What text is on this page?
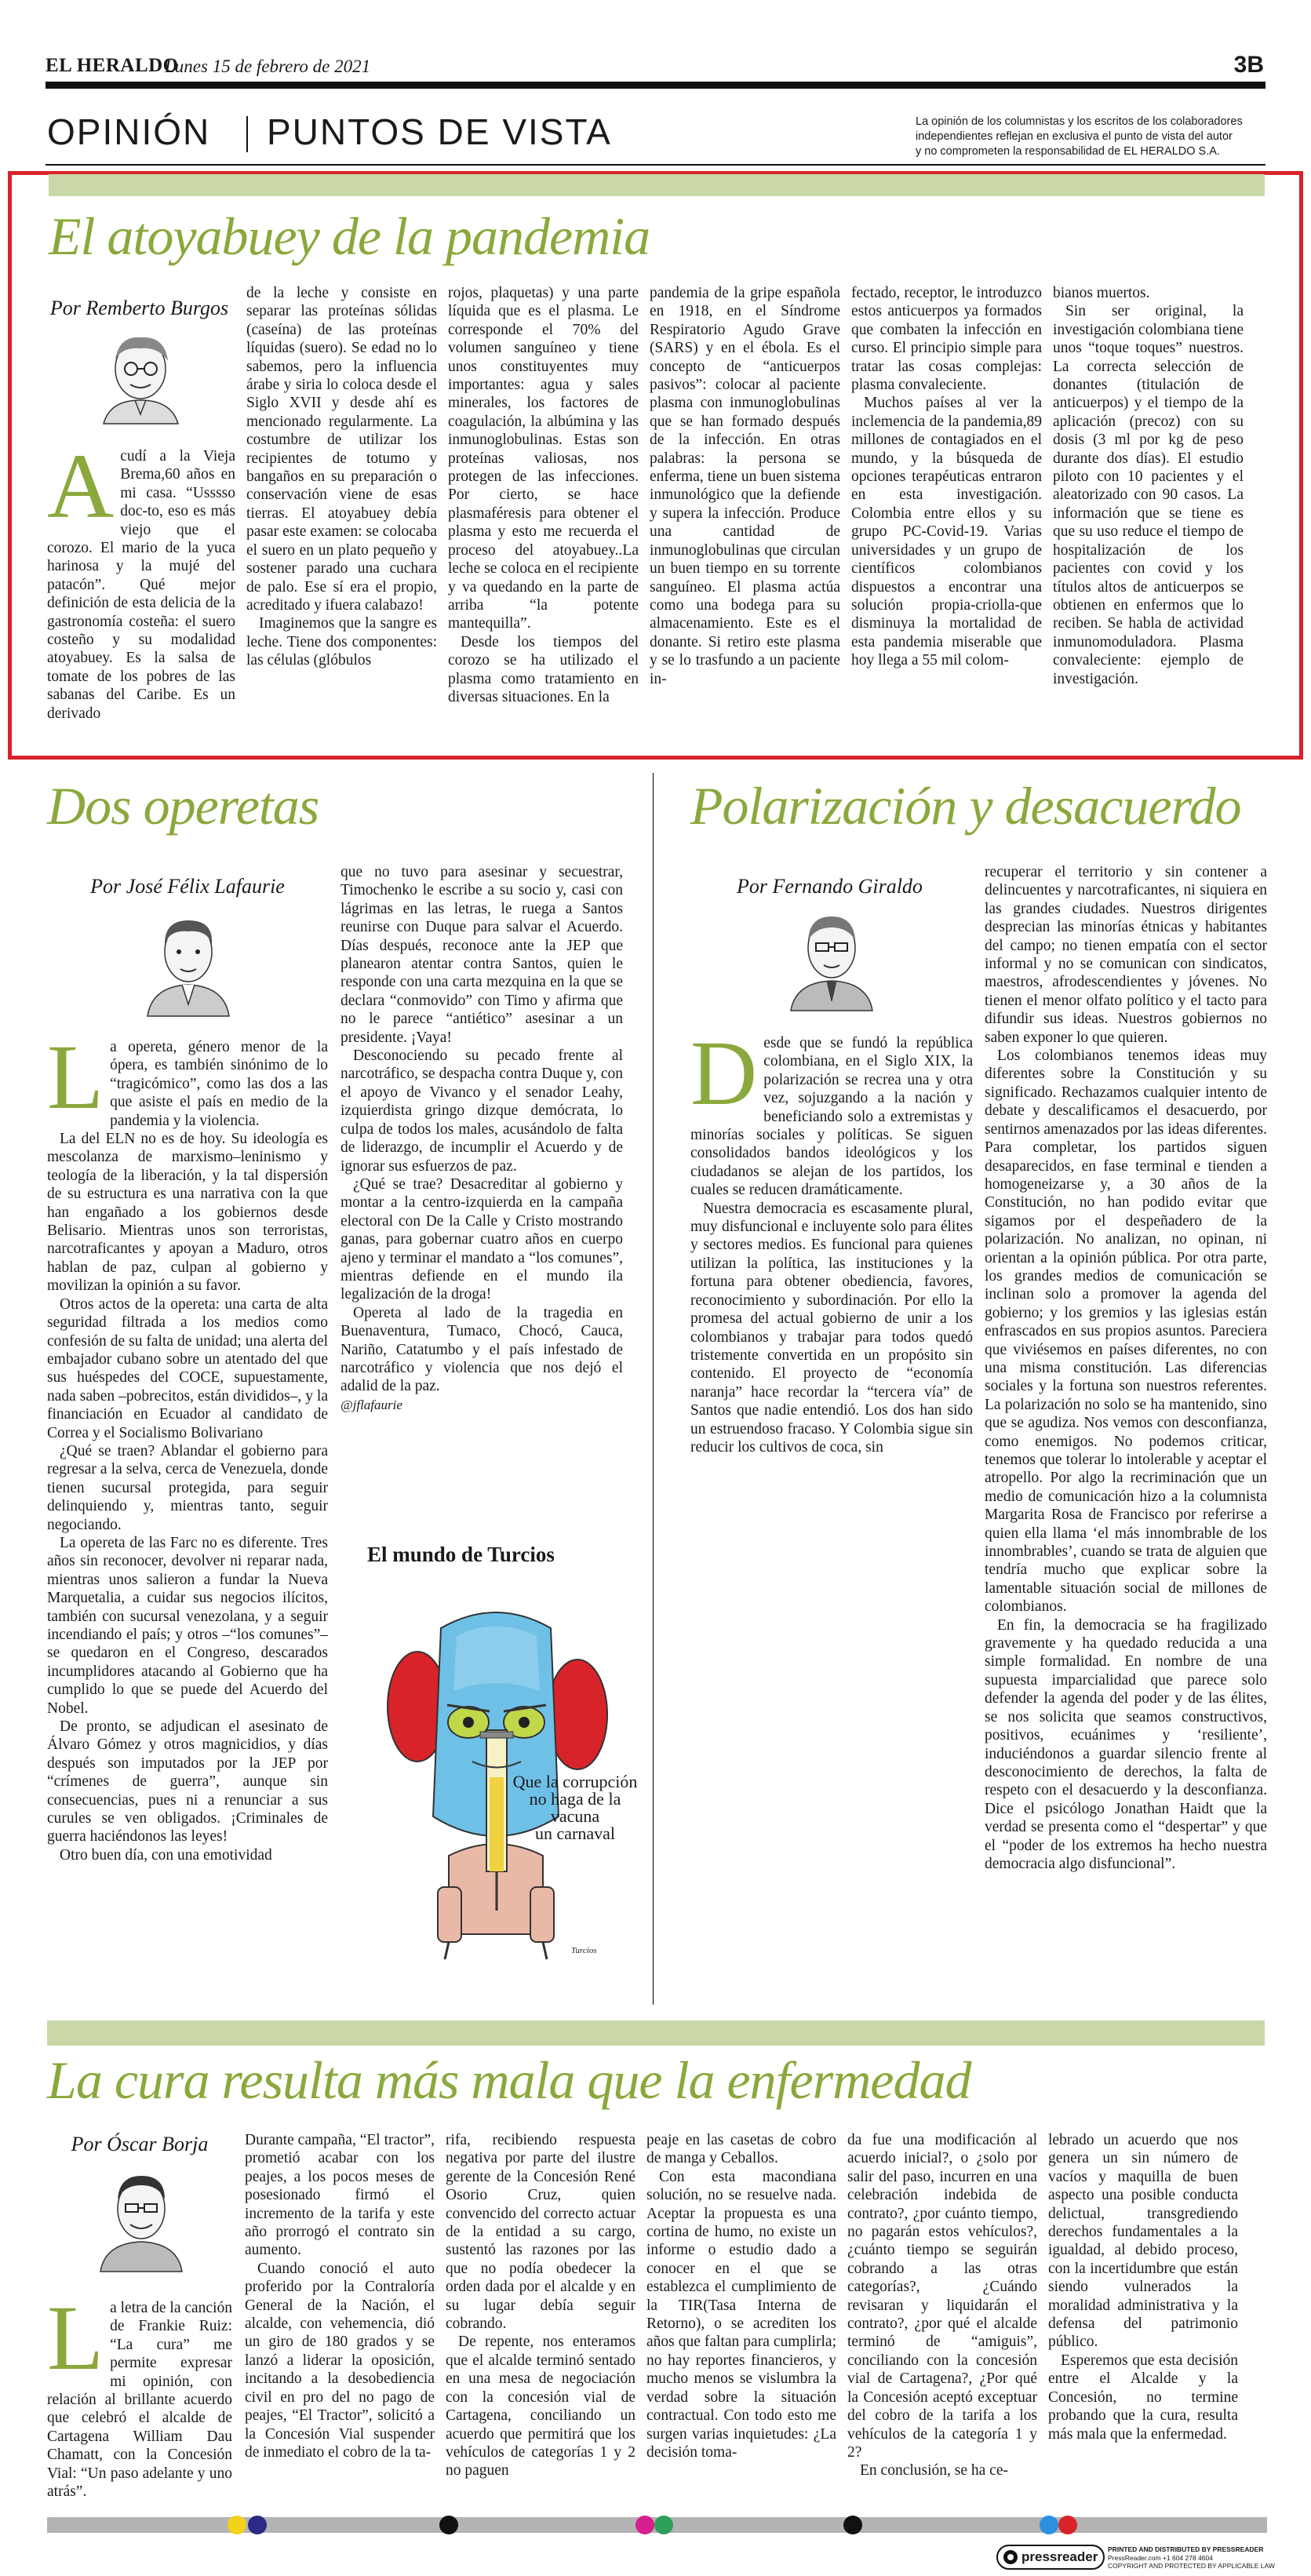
EL HERALDO
Lunes 15 de febrero de 2021	3B
OPINIÓN PUNTOS DE VISTA	La opinión de los columnistas y los escritos de los colaboradores
independientes reflejan en exclusiva el punto de vista del autor
y no comprometen la responsabilidad de EL HERALDO S.A.
El atoyabuey de la pandemia
Por Remberto Burgos
A cudí a la Vieja Brema,60 años en mi casa. “Usssso doc-to, eso es más viejo que el corozo. El mario de la yuca harinosa y la mujé del patacón”. Qué mejor definición de esta delicia de la gastronomía costeña: el suero costeño y su modalidad atoyabuey. Es la salsa de tomate de los pobres de las sabanas del Caribe. Es un derivado

de la leche y consiste en separar las proteínas sólidas (caseína) de las proteínas líquidas (suero). Se edad no lo sabemos, pero la influencia árabe y siria lo coloca desde el Siglo XVII y desde ahí es mencionado regularmente. La costumbre de utilizar los recipientes de totumo y bangaños en su preparación o conservación viene de esas tierras. El atoyabuey debía pasar este examen: se colocaba el suero en un plato pequeño y sostener parado una cuchara de palo. Ese sí era el propio, acreditado y ifuera calabazo!

Imaginemos que la sangre es leche. Tiene dos componentes: las células (glóbulos

rojos, plaquetas) y una parte líquida que es el plasma. Le corresponde el 70% del volumen sanguíneo y tiene unos constituyentes muy importantes: agua y sales minerales, los factores de coagulación, la albúmina y las inmunoglobulinas. Estas son proteínas valiosas, nos protegen de las infecciones. Por cierto, se hace plasmaféresis para obtener el plasma y esto me recuerda el proceso del atoyabuey..La leche se coloca en el recipiente y va quedando en la parte de arriba “la potente mantequilla”.

Desde los tiempos del corozo se ha utilizado el plasma como tratamiento en diversas situaciones. En la

pandemia de la gripe española en 1918, en el Síndrome Respiratorio Agudo Grave (SARS) y en el ébola. Es el concepto de “anticuerpos pasivos”: colocar al paciente plasma con inmunoglobulinas que se han formado después de la infección. En otras palabras: la persona se enferma, tiene un buen sistema inmunológico que la defiende y supera la infección. Produce una cantidad de inmunoglobulinas que circulan un buen tiempo en su torrente sanguíneo. El plasma actúa como una bodega para su almacenamiento. Este es el donante. Si retiro este plasma y se lo trasfundo a un paciente in-

fectado, receptor, le introduzco estos anticuerpos ya formados que combaten la infección en curso. El principio simple para tratar las cosas complejas: plasma convaleciente.

Muchos países al ver la inclemencia de la pandemia,89 millones de contagiados en el mundo, y la búsqueda de opciones terapéuticas entraron en esta investigación. Colombia entre ellos y su grupo PC-Covid-19. Varias universidades y un grupo de científicos colombianos dispuestos a encontrar una solución propia-criolla-que disminuya la mortalidad de esta pandemia miserable que hoy llega a 55 mil colom-

bianos muertos.

Sin ser original, la investigación colombiana tiene unos “toque toques” nuestros. La correcta selección de donantes (titulación de anticuerpos) y el tiempo de la aplicación (precoz) con su dosis (3 ml por kg de peso durante dos días). El estudio piloto con 10 pacientes y el aleatorizado con 90 casos. La información que se tiene es que su uso reduce el tiempo de hospitalización de los pacientes con covid y los títulos altos de anticuerpos se obtienen en enfermos que lo reciben. Se habla de actividad inmunomoduladora. Plasma convaleciente: ejemplo de investigación.

Dos operetas
Por José Félix Lafaurie
L a opereta, género menor de la ópera, es también sinónimo de lo “tragicómico”, como las dos a las que asiste el país en medio de la pandemia y la violencia.

La del ELN no es de hoy. Su ideología es mescolanza de marxismo–leninismo y teología de la liberación, y la tal dispersión de su estructura es una narrativa con la que han engañado a los gobiernos desde Belisario. Mientras unos son terroristas, narcotraficantes y apoyan a Maduro, otros hablan de paz, culpan al gobierno y movilizan la opinión a su favor.

Otros actos de la opereta: una carta de alta seguridad filtrada a los medios como confesión de su falta de unidad; una alerta del embajador cubano sobre un atentado del que sus huéspedes del COCE, supuestamente, nada saben –pobrecitos, están divididos–, y la financiación en Ecuador al candidato de Correa y el Socialismo Bolivariano

¿Qué se traen? Ablandar el gobierno para regresar a la selva, cerca de Venezuela, donde tienen sucursal protegida, para seguir delinquiendo y, mientras tanto, seguir negociando.

La opereta de las Farc no es diferente. Tres años sin reconocer, devolver ni reparar nada, mientras unos salieron a fundar la Nueva Marquetalia, a cuidar sus negocios ilícitos, también con sucursal venezolana, y a seguir incendiando el país; y otros –“los comunes”– se quedaron en el Congreso, descarados incumplidores atacando al Gobierno que ha cumplido lo que se puede del Acuerdo del Nobel.

De pronto, se adjudican el asesinato de Álvaro Gómez y otros magnicidios, y días después son imputados por la JEP por “crímenes de guerra”, aunque sin consecuencias, pues ni a renunciar a sus curules se ven obligados. ¡Criminales de guerra haciéndonos las leyes!

Otro buen día, con una emotividad

que no tuvo para asesinar y secuestrar, Timochenko le escribe a su socio y, casi con lágrimas en las letras, le ruega a Santos reunirse con Duque para salvar el Acuerdo. Días después, reconoce ante la JEP que planearon atentar contra Santos, quien le responde con una carta mezquina en la que se declara “conmovido” con Timo y afirma que no le parece “antiético” asesinar a un presidente. ¡Vaya!

Desconociendo su pecado frente al narcotráfico, se despacha contra Duque y, con el apoyo de Vivanco y el senador Leahy, izquierdista gringo dizque demócrata, lo culpa de todos los males, acusándolo de falta de liderazgo, de incumplir el Acuerdo y de ignorar sus esfuerzos de paz.

¿Qué se trae? Desacreditar al gobierno y montar a la centro-izquierda en la campaña electoral con De la Calle y Cristo mostrando ganas, para gobernar cuatro años en cuerpo ajeno y terminar el mandato a “los comunes”, mientras defiende en el mundo ila legalización de la droga!

Opereta al lado de la tragedia en Buenaventura, Tumaco, Chocó, Cauca, Nariño, Catatumbo y el país infestado de narcotráfico y violencia que nos dejó el adalid de la paz.

@jflafaurie

El mundo de Turcios
Que la corrupción
no haga de la vacuna
un carnaval
Turcios
Polarización y desacuerdo
Por Fernando Giraldo
D esde que se fundó la república colombiana, en el Siglo XIX, la polarización se recrea una y otra vez, sojuzgando a la nación y beneficiando solo a extremistas y minorías sociales y políticas. Se siguen consolidados bandos ideológicos y los ciudadanos se alejan de los partidos, los cuales se reducen dramáticamente.

Nuestra democracia es escasamente plural, muy disfuncional e incluyente solo para élites y sectores medios. Es funcional para quienes utilizan la política, las instituciones y la fortuna para obtener obediencia, favores, reconocimiento y subordinación. Por ello la promesa del actual gobierno de unir a los colombianos y trabajar para todos quedó tristemente convertida en un propósito sin contenido. El proyecto de “economía naranja” hace recordar la “tercera vía” de Santos que nadie entendió. Los dos han sido un estruendoso fracaso. Y Colombia sigue sin reducir los cultivos de coca, sin

recuperar el territorio y sin contener a delincuentes y narcotraficantes, ni siquiera en las grandes ciudades. Nuestros dirigentes desprecian las minorías étnicas y habitantes del campo; no tienen empatía con el sector informal y no se comunican con sindicatos, maestros, afrodescendientes y jóvenes. No tienen el menor olfato político y el tacto para difundir sus ideas. Nuestros gobiernos no saben exponer lo que quieren.

Los colombianos tenemos ideas muy diferentes sobre la Constitución y su significado. Rechazamos cualquier intento de debate y descalificamos el desacuerdo, por sentirnos amenazados por las ideas diferentes. Para completar, los partidos siguen desaparecidos, en fase terminal e tienden a homogeneizarse y, a 30 años de la Constitución, no han podido evitar que sigamos por el despeñadero de la polarización. No analizan, no opinan, ni orientan a la opinión pública. Por otra parte, los grandes medios de comunicación se inclinan solo a promover la agenda del gobierno; y los gremios y las iglesias están enfrascados en sus propios asuntos. Pareciera que viviésemos en países diferentes, no con una misma constitución. Las diferencias sociales y la fortuna son nuestros referentes. La polarización no solo se ha mantenido, sino que se agudiza. Nos vemos con desconfianza, como enemigos. No podemos criticar, tenemos que tolerar lo intolerable y aceptar el atropello. Por algo la recriminación que un medio de comunicación hizo a la columnista Margarita Rosa de Francisco por referirse a quien ella llama ‘el más innombrable de los innombrables’, cuando se trata de alguien que tendría mucho que explicar sobre la lamentable situación social de millones de colombianos.

En fin, la democracia se ha fragilizado gravemente y ha quedado reducida a una simple formalidad. En nombre de una supuesta imparcialidad que parece solo defender la agenda del poder y de las élites, se nos solicita que seamos constructivos, positivos, ecuánimes y ‘resiliente’, induciéndonos a guardar silencio frente al desconocimiento de derechos, la falta de respeto con el desacuerdo y la desconfianza. Dice el psicólogo Jonathan Haidt que la verdad se presenta como el “despertar” y que el “poder de los extremos ha hecho nuestra democracia algo disfuncional”.

La cura resulta más mala que la enfermedad
Por Óscar Borja
L a letra de la canción de Frankie Ruiz: “La cura” me permite expresar mi opinión, con relación al brillante acuerdo que celebró el alcalde de Cartagena William Dau Chamatt, con la Concesión Vial: “Un paso adelante y uno atrás”.

Durante campaña, “El tractor”, prometió acabar con los peajes, a los pocos meses de posesionado firmó el incremento de la tarifa y este año prorrogó el contrato sin aumento.

Cuando conoció el auto proferido por la Contraloría General de la Nación, el alcalde, con vehemencia, dió un giro de 180 grados y se lanzó a liderar la oposición, incitando a la desobediencia civil en pro del no pago de peajes, “El Tractor”, solicitó a la Concesión Vial suspender de inmediato el cobro de la ta-

rifa, recibiendo respuesta negativa por parte del ilustre gerente de la Concesión René Osorio Cruz, quien convencido del correcto actuar de la entidad a su cargo, sustentó las razones por las que no podía obedecer la orden dada por el alcalde y en su lugar debía seguir cobrando.

De repente, nos enteramos que el alcalde terminó sentado en una mesa de negociación con la concesión vial de Cartagena, conciliando un acuerdo que permitirá que los vehículos de categorías 1 y 2 no paguen

peaje en las casetas de cobro de manga y Ceballos.

Con esta macondiana solución, no se resuelve nada. Aceptar la propuesta es una cortina de humo, no existe un informe o estudio dado a conocer en el que se establezca el cumplimiento de la TIR(Tasa Interna de Retorno), o se acrediten los años que faltan para cumplirla; no hay reportes financieros, y mucho menos se vislumbra la verdad sobre la situación contractual. Con todo esto me surgen varias inquietudes: ¿La decisión toma-

da fue una modificación al acuerdo inicial?, o ¿solo por salir del paso, incurren en una celebración indebida de contrato?, ¿por cuánto tiempo, no pagarán estos vehículos?, ¿cuánto tiempo se seguirán cobrando a las otras categorías?, ¿Cuándo revisaran y liquidarán el contrato?, ¿por qué el alcalde terminó de “amiguis”, conciliando con la concesión vial de Cartagena?, ¿Por qué la Concesión aceptó exceptuar del cobro de la tarifa a los vehículos de la categoría 1 y 2?

En conclusión, se ha ce-

lebrado un acuerdo que nos genera un sin número de vacíos y maquilla de buen aspecto una posible conducta delictual, transgrediendo derechos fundamentales a la igualdad, al debido proceso, con la incertidumbre que están siendo vulnerados la moralidad administrativa y la defensa del patrimonio público.

Esperemos que esta decisión entre el Alcalde y la Concesión, no termine probando que la cura, resulta más mala que la enfermedad.

pressreader PRINTED AND DISTRIBUTED BY PRESSREADER
PressReader.com +1 604 278 4604
COPYRIGHT AND PROTECTED BY APPLICABLE LAW
